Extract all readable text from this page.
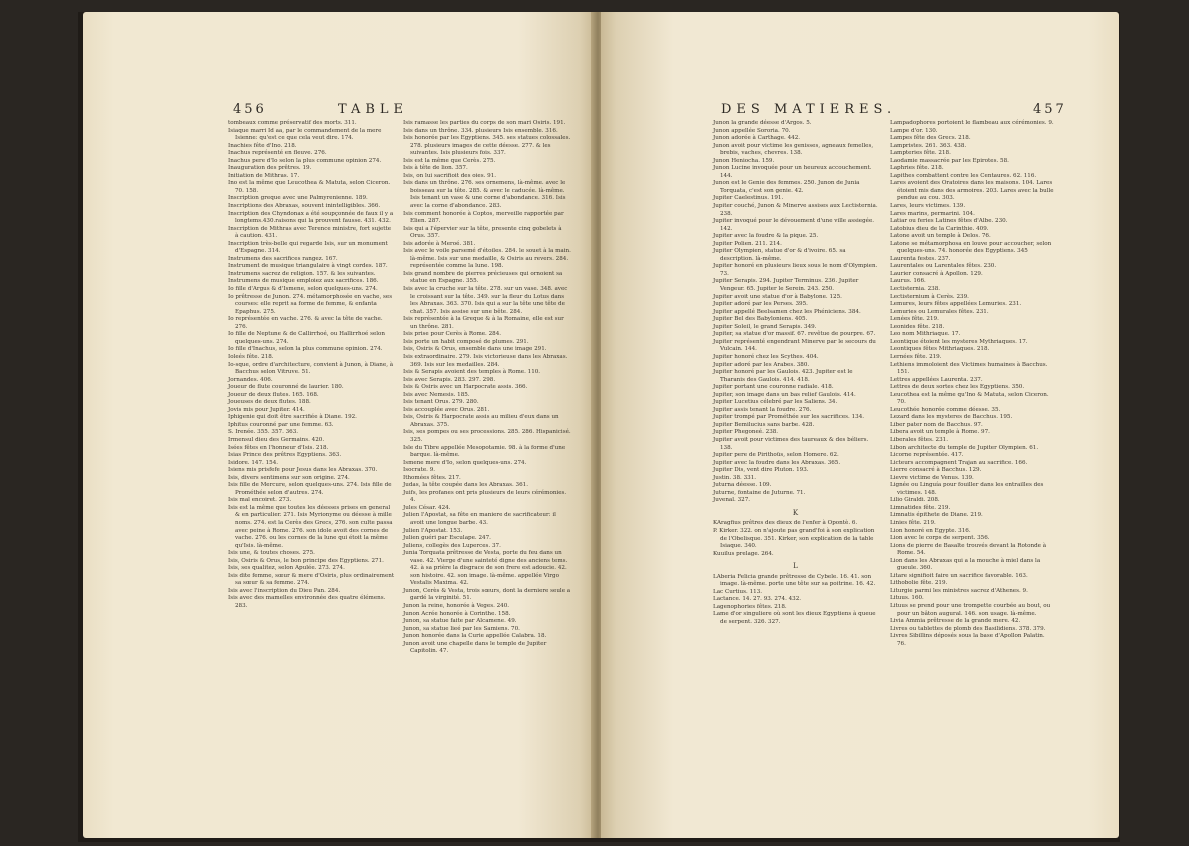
456	TABLE

tombeaux comme préservatif des morts. 311.

Isiaque marri Id aa, par le commandement de la mere Isienne: qu'est ce que cela veut dire. 174.

Inachies fête d'Ino. 218.

Inachus représenté en fleuve. 276.

Inachus pere d'Io selon la plus commune opinion 274.

Inauguration des prêtres. 19.

Initiation de Mithras. 17.

Ino est la même que Leucothea & Matuta, selon Ciceron. 70. 158.

Inscription greque avec une Palmyrenienne. 189.

Inscriptions des Abraxas, souvent inintelligibles. 366.

Inscription des Chyndonax a été soupçonnée de faux il y a longtems.430.raisons qui la prouvent fausse. 431. 432.

Inscription de Mithras avec Terence ministre, fort sujette à caution. 431.

Inscription très-belle qui regarde Isis, sur un monument d'Espagne. 314.

Instrumens des sacrifices rangez. 167.

Instrument de musique triangulaire à vingt cordes. 187.

Instrumens sacrez de religion. 157. & les suivantes.

Instrumens de musique emploiez aux sacrifices. 186.

Io fille d'Argus & d'Ismene, selon quelques-uns. 274.

Io prêtresse de Junon. 274. métamorphosée en vache, ses courses: elle reprit sa forme de femme, & enfanta Epaphus. 275.

Io représentée en vache. 276. & avec la tête de vache. 276.

Io fille de Neptune & de Callirrhoé, ou Hallirrhoé selon quelques-uns. 274.

Io fille d'Inachus, selon la plus commune opinion. 274.

Ioleés fête. 218.

Io-sque, ordre d'architecture, convient à Junon, à Diane, à Bacchus selon Vitruve. 51.

Jornandes. 406.

Joueur de flute couronné de laurier. 180.

Joueur de deux flutes. 165. 168.

Joueuses de deux flutes. 188.

Jovis mis pour Jupiter. 414.

Iphigenie qui doit être sacrifiée à Diane. 192.

Iphitus couronné par une femme. 63.

S. Irenée. 355. 357. 363.

Irmensul dieu des Germains. 420.

Isées fêtes en l'honneur d'Isis. 218.

Isias Prince des prêtres Egyptiens. 363.

Isidore. 147. 154.

Isiens mis prisfefe pour Jesus dans les Abraxas. 370.

Isis, divers sentimens sur son origine. 274.

Isis fille de Mercure, selon quelques-uns. 274. Isis fille de Prométhée selon d'autres. 274.

Isis mal encoiret. 273.

Isis est la même que toutes les déesses prises en general & en particulier. 271. Isis Myrionyme ou déesse à mille noms. 274. est la Cerès des Grecs, 276. son culte passa avec peine à Rome. 276. son idole avoit des cornes de vache. 276. ou les cornes de la lune qui étoit la même qu'Isis. là-même.

Isis une, & toutes choses. 275.

Isis, Osiris & Orus, le bon principe des Egyptiens. 271.

Isis, ses qualitez, selon Apulée. 273. 274.

Isis dite femme, sœur & mere d'Osiris, plus ordinairement sa sœur & sa femme. 274.

Isis avec l'inscription du Dieu Pan. 284.

Isis avec des mamelles environnée des quatre élémens. 283.

Isis ramasse les parties du corps de son mari Osiris. 191.

Isis dans un thrône. 334. plusieurs Isis ensemble. 316.

Isis honorée par les Egyptiens. 345. ses statues colossales. 278. plusieurs images de cette déesse. 277. & les suivantes. Isis plusieurs fois. 337.

Isis est la même que Cerès. 275.

Isis à tête de lion. 357.

Isis, on lui sacrifioit des oies. 91.

Isis dans un thrône. 276. ses ornemens, là-même. avec le boisseau sur la tête. 285. & avec le caducée. là-même. Isis tenant un vase & une corne d'abondance. 316. Isis avec la corne d'abondance. 283.

Isis comment honorée à Coptos, merveille rapportée par Elien. 287.

Isis qui a l'épervier sur la tête, presente cinq gobelets à Orus. 357.

Isis adorée à Meroé. 381.

Isis avec le voile parsemé d'étoiles. 284. le souet à la main. là-même. Isis sur une medaille, & Osiris au revers. 284. représentée comme la lune. 198.

Isis grand nombre de pierres précieuses qui ornoient sa statue en Espagne. 355.

Isis avec la cruche sur la tête. 278. sur un vase. 348. avec le croissant sur la tête. 349. sur la fleur du Lotus dans les Abraxas. 363. 370. Isis qui a sur la tête une tête de chat. 357. Isis assise sur une bête. 284.

Isis représentée à la Greque & à la Romaine, elle est sur un thrône. 281.

Isis prise pour Cerès à Rome. 284.

Isis porte un habit composé de plumes. 291.

Isis, Osiris & Orus, ensemble dans une image 291.

Isis extraordinaire. 279. Isis victorieuse dans les Abraxas. 369. Isis sur les medailles. 284.

Isis & Serapis avoient des temples à Rome. 110.

Isis avec Serapis. 283. 297. 298.

Isis & Osiris avec un Harpocrate assis. 366.

Isis avec Nemesis. 185.

Isis tenant Orus. 279. 280.

Isis accouplée avec Orus. 281.

Isis, Osiris & Harpocrate assis au milieu d'eux dans un Abraxas. 375.

Isis, ses pompes ou ses processions. 285. 286. Hispanicisé. 325.

Isle du Tibre appellée Mesopotamie. 98. à la forme d'une barque. là-même.

Ismene mere d'Io, selon quelques-uns. 274.

Isocrate. 9.

Ithomées fêtes. 217.

Judas, la tête coupée dans les Abraxas. 361.

Juifs, les profanes ont pris plusieurs de leurs cérémonies. 4.

Jules César. 424.

Julien l'Apostat, sa fête en maniere de sacrificateur: il avoit une longue barbe. 43.

Julien l'Apostat. 153.

Julien guéri par Esculape. 247.

Juliens, collegès des Luperces. 37.

Junia Torquata prêtresse de Vesta, porte du feu dans un vase. 42. Vierge d'une sainteté digne des anciens tems. 42. à sa prière la disgrace de son frere est adoucie. 42. son histoire. 42. son image. là-même. appellée Virgo Vestalis Maxima. 42.

Junon, Cerès & Vesta, trois sœurs, dont la derniere seule a gardé la virginité. 51.

Junon la reine, honorée à Veges. 240.

Junon Acrée honorée à Corinthe. 158.

Junon, sa statue faite par Alcamene. 49.

Junon, sa statue lieé par les Samiens. 70.

Junon honorée dans la Curie appellée Calabra. 18.

Junon avoit une chapelle dans le temple de Jupiter Capitolin. 47.

DES MATIERES.	457

Junon la grande déesse d'Argos. 5.

Junon appellée Sororia. 70.

Junon adorée à Carthage. 442.

Junon avoit pour victime les genisses, agneaux femelles, brebis, vaches, chevres. 138.

Junon Heniocha. 159.

Junon Lucine invoquée pour un heureux accouchement. 144.

Junon est le Genie des femmes. 250. Junon de Junia Torquata, c'est son genie. 42.

Jupiter Caelestinus. 191.

Jupiter couché, Junon & Minerve assises aux Lectisternia. 238.

Jupiter invoqué pour le dévouement d'une ville assiegée. 142.

Jupiter avec la foudre & la pique. 25.

Jupiter Polien. 211. 214.

Jupiter Olympien, statue d'or & d'ivoire. 65. sa description. là-même.

Jupiter honoré en plusieurs lieux sous le nom d'Olympien. 73.

Jupiter Serapis. 294. Jupiter Terminus. 236. Jupiter Vengeur. 65. Jupiter le Serein. 243. 250.

Jupiter avoit une statue d'or à Babylone. 125.

Jupiter adoré par les Perses. 395.

Jupiter appellé Beelsamen chez les Phéniciens. 384.

Jupiter Bel des Babyloniens. 405.

Jupiter Soleil, le grand Serapis. 349.

Jupiter, sa statue d'or massif. 67. revêtue de pourpre. 67.

Jupiter représenté engendrant Minerve par le secours du Vulcain. 144.

Jupiter honoré chez les Scythes. 404.

Jupiter adoré par les Arabes. 380.

Jupiter honoré par les Gaulois. 423. Jupiter est le Tharanis des Gaulois. 414. 418.

Jupiter portant une couronne radiale. 418.

Jupiter, son image dans un bas relief Gaulois. 414.

Jupiter Lucetius célebré par les Saliens. 34.

Jupiter assis tenant la foudre. 276.

Jupiter trompé par Prométhée sur les sacrifices. 134.

Jupiter Bemilucius sans barbe. 428.

Jupiter Phegoneé. 238.

Jupiter avoit pour victimes des taureaux & des béliers. 138.

Jupiter pere de Pirithoüs, selon Homere. 62.

Jupiter avec la foudre dans les Abraxas. 365.

Jupiter Dis, vent dire Pluton. 193.

Justin. 38. 331.

Juturna déesse. 109.

Juturne, fontaine de Juturne. 71.

Juvenal. 327.

K

KAragfius prêtres des dieux de l'enfer à Opontè. 6.

P. Kirker. 322. on n'ajoute pas grand'foi à son explication de l'Obelisque. 351. Kirker, son explication de la table Isiaque. 340.

Kuuilus prelage. 264.

L

LAberia Felicia grande prêtresse de Cybele. 16. 41. son image. là-même. porte une tête sur sa poitrine. 16. 42.

Lac Curtius. 113.

Lactance. 14. 27. 93. 274. 432.

Lagenophories fêtes. 218.

Lame d'or singuliere où sont les dieux Egyptiens à queue de serpent. 326. 327.

Lampadophores portoient le flambeau aux cérémonies. 9.

Lampe d'or. 130.

Lampes fête des Grecs. 218.

Lampristes. 261. 363. 438.

Lampteries fête. 218.

Laodamie massacrée par les Epirotes. 58.

Laphries fête. 218.

Lapithes combattent contre les Centaures. 62. 116.

Lares avoient des Oratoires dans les maisons. 104. Lares étoient mis dans des armoires. 203. Lares avec la bulle pendue au cou. 303.

Lares, leurs victimes. 139.

Lares marins, permarini. 104.

Latiar ou feries Latines fêtes d'Albe. 230.

Latobius dieu de la Carinthie. 409.

Latone avoit un temple à Delos. 76.

Latone se métamorphosa en louve pour accoucher, selon quelques-uns. 74. honorée des Egyptiens. 345

Laurenta festes. 237.

Laurentales ou Larentales fêtes. 230.

Laurier consacré à Apollon. 129.

Laurus. 166.

Lectisternia. 238.

Lectisternium à Cerès. 239.

Lemures, leurs fêtes appellées Lemuries. 231.

Lemuries ou Lemurales fêtes. 231.

Lenées fête. 219.

Leonides fête. 218.

Leo nom Mithriaque. 17.

Leontique étoient les mysteres Mythriaques. 17.

Leontiques fêtes Mithriaques. 218.

Lernées fête. 219.

Lethiens immoloient des Victimes humaines à Bacchus. 151.

Lettres appellées Laurenta. 237.

Lettres de deux sortes chez les Egyptiens. 350.

Leucothea est la même qu'Ino & Matuta, selon Ciceron. 70.

Leucothée honorée comme déesse. 35.

Lezard dans les mysteres de Bacchus. 195.

Liber pater nom de Bacchus. 97.

Libera avoit un temple à Rome. 97.

Liberales fêtes. 231.

Libon architecte du temple de Jupiter Olympien. 61.

Licorne représentée. 417.

Licteurs accompagnent Trajan au sacrifice. 166.

Lierre consacré à Bacchus. 129.

Lievre victime de Venus. 139.

Lignée ou Linguía pour fouiller dans les entrailles des victimes. 148.

Lilio Giraldi. 208.

Limnatides fête. 219.

Limnatis épithete de Diane. 219.

Linies fête. 219.

Lion honoré en Egypte. 316.

Lion avec le corps de serpent. 356.

Lions de pierre de Basalte trouvés devant la Rotonde à Rome. 54.

Lion dans les Abraxas qui a la mouche à miel dans la gueule. 360.

Litare signifioit faire un sacrifice favorable. 163.

Lithobolie fête. 219.

Liturgie parmi les ministres sacrez d'Athenes. 9.

Lituus. 160.

Lituus se prend pour une trompette courbée au bout, ou pour un bâton augural. 146. son usage. là-même.

Livia Ammia prêtresse de la grande mere. 42.

Livres ou tablettes de plomb des Basilidiens. 378. 379.

Livres Sibillins déposés sous la base d'Apollon Palatin. 76.
